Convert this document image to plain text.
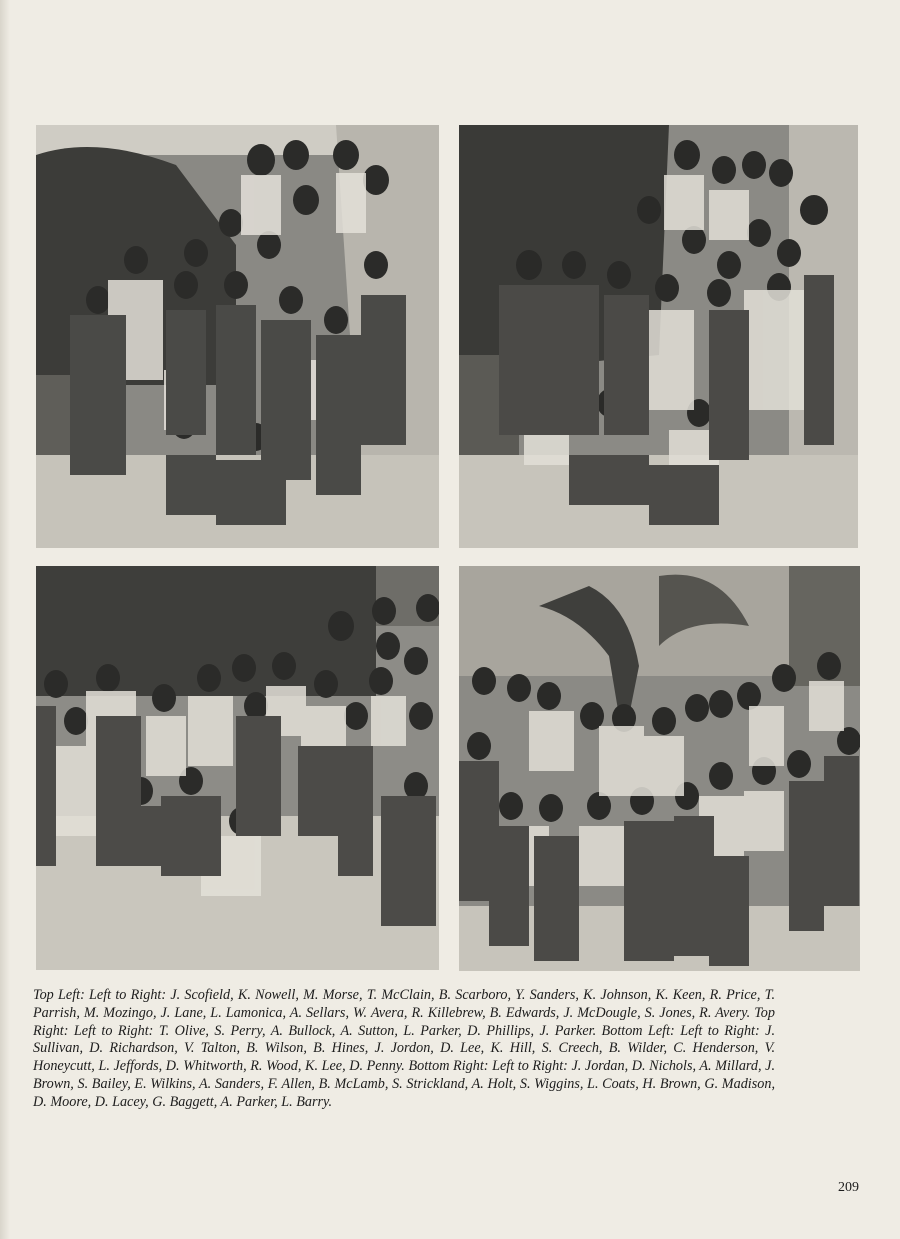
Top Left: Left to Right: J. Scofield, K. Nowell, M. Morse, T. McClain, B. Scarboro, Y. Sanders, K. Johnson, K. Keen, R. Price, T. Parrish, M. Mozingo, J. Lane, L. Lamonica, A. Sellars, W. Avera, R. Killebrew, B. Edwards, J. McDougle, S. Jones, R. Avery. Top Right: Left to Right: T. Olive, S. Perry, A. Bullock, A. Sutton, L. Parker, D. Phillips, J. Parker. Bottom Left: Left to Right: J. Sullivan, D. Richardson, V. Talton, B. Wilson, B. Hines, J. Jordon, D. Lee, K. Hill, S. Creech, B. Wilder, C. Henderson, V. Honeycutt, L. Jeffords, D. Whitworth, R. Wood, K. Lee, D. Penny. Bottom Right: Left to Right: J. Jordan, D. Nichols, A. Millard, J. Brown, S. Bailey, E. Wilkins, A. Sanders, F. Allen, B. McLamb, S. Strickland, A. Holt, S. Wiggins, L. Coats, H. Brown, G. Madison, D. Moore, D. Lacey, G. Baggett, A. Parker, L. Barry.

209
